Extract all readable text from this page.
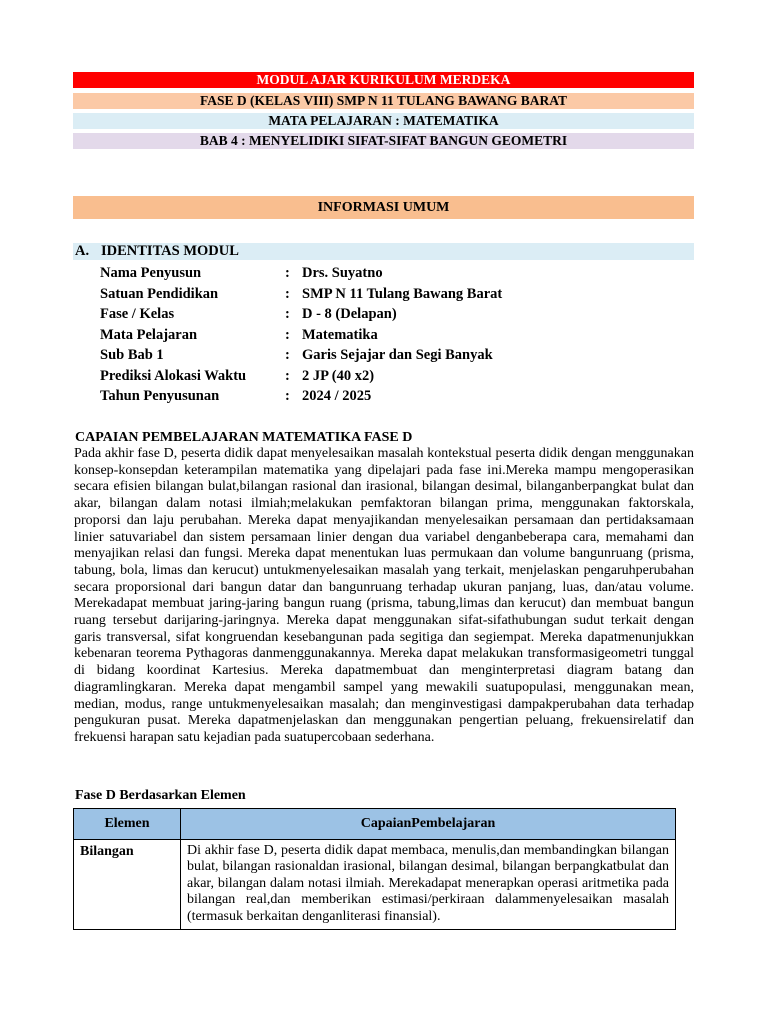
MODUL AJAR KURIKULUM MERDEKA
FASE D (KELAS VIII) SMP N 11 TULANG BAWANG BARAT
MATA PELAJARAN : MATEMATIKA
BAB 4 : MENYELIDIKI SIFAT-SIFAT BANGUN GEOMETRI
INFORMASI UMUM
A. IDENTITAS MODUL
Nama Penyusun	: Drs. Suyatno
Satuan Pendidikan	: SMP N 11 Tulang Bawang Barat
Fase / Kelas	: D - 8 (Delapan)
Mata Pelajaran	: Matematika
Sub Bab 1	: Garis Sejajar dan Segi Banyak
Prediksi Alokasi Waktu	: 2 JP (40 x2)
Tahun Penyusunan	: 2024 / 2025
CAPAIAN PEMBELAJARAN MATEMATIKA FASE D

Pada akhir fase D, peserta didik dapat menyelesaikan masalah kontekstual peserta didik dengan menggunakan konsep-konsepdan keterampilan matematika yang dipelajari pada fase ini.Mereka mampu mengoperasikan secara efisien bilangan bulat,bilangan rasional dan irasional, bilangan desimal, bilanganberpangkat bulat dan akar, bilangan dalam notasi ilmiah;melakukan pemfaktoran bilangan prima, menggunakan faktorskala, proporsi dan laju perubahan. Mereka dapat menyajikandan menyelesaikan persamaan dan pertidaksamaan linier satuvariabel dan sistem persamaan linier dengan dua variabel denganbeberapa cara, memahami dan menyajikan relasi dan fungsi. Mereka dapat menentukan luas permukaan dan volume bangunruang (prisma, tabung, bola, limas dan kerucut) untukmenyelesaikan masalah yang terkait, menjelaskan pengaruhperubahan secara proporsional dari bangun datar dan bangunruang terhadap ukuran panjang, luas, dan/atau volume. Merekadapat membuat jaring-jaring bangun ruang (prisma, tabung,limas dan kerucut) dan membuat bangun ruang tersebut darijaring-jaringnya. Mereka dapat menggunakan sifat-sifathubungan sudut terkait dengan garis transversal, sifat kongruendan kesebangunan pada segitiga dan segiempat. Mereka dapatmenunjukkan kebenaran teorema Pythagoras danmenggunakannya. Mereka dapat melakukan transformasigeometri tunggal di bidang koordinat Kartesius. Mereka dapatmembuat dan menginterpretasi diagram batang dan diagramlingkaran. Mereka dapat mengambil sampel yang mewakili suatupopulasi, menggunakan mean, median, modus, range untukmenyelesaikan masalah; dan menginvestigasi dampakperubahan data terhadap pengukuran pusat. Mereka dapatmenjelaskan dan menggunakan pengertian peluang, frekuensirelatif dan frekuensi harapan satu kejadian pada suatupercobaan sederhana.

Fase D Berdasarkan Elemen
Elemen	CapaianPembelajaran
Bilangan	Di akhir fase D, peserta didik dapat membaca, menulis,dan membandingkan bilangan bulat, bilangan rasionaldan irasional, bilangan desimal, bilangan berpangkatbulat dan akar, bilangan dalam notasi ilmiah. Merekadapat menerapkan operasi aritmetika pada bilangan real,dan memberikan estimasi/perkiraan dalammenyelesaikan masalah (termasuk berkaitan denganliterasi finansial).
